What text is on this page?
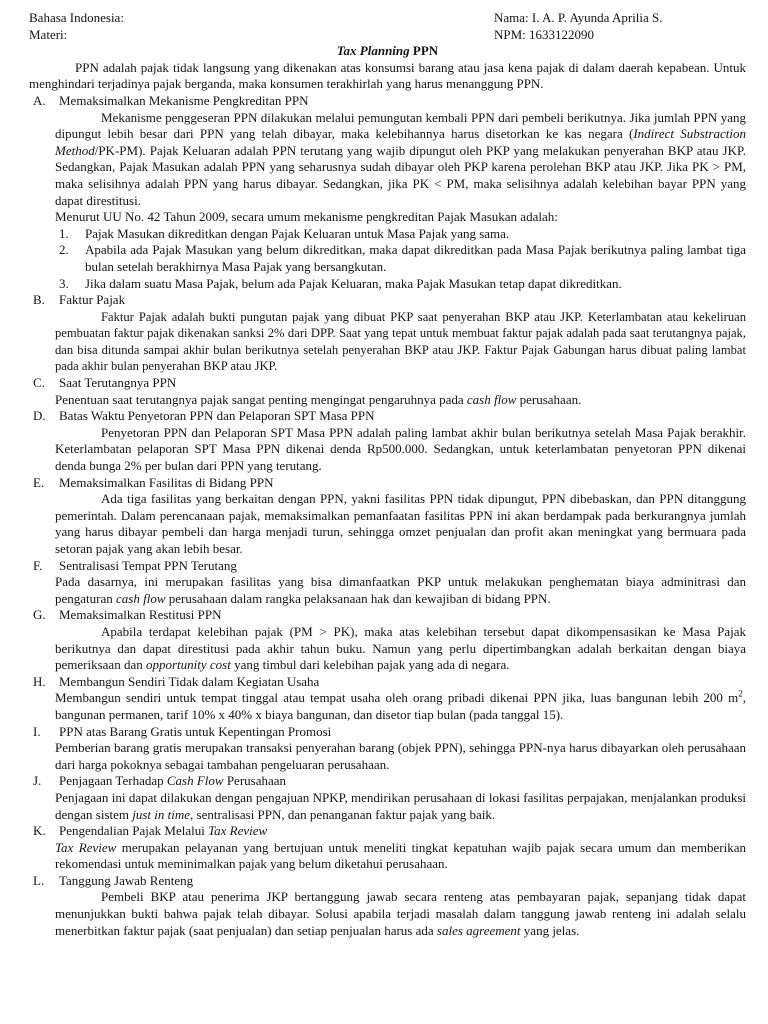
Bahasa Indonesia:	Nama: I. A. P. Ayunda Aprilia S.
Materi:	NPM: 1633122090
Tax Planning PPN

PPN adalah pajak tidak langsung yang dikenakan atas konsumsi barang atau jasa kena pajak di dalam daerah kepabean. Untuk menghindari terjadinya pajak berganda, maka konsumen terakhirlah yang harus menanggung PPN.

A.	Memaksimalkan Mekanisme Pengkreditan PPN

Mekanisme penggeseran PPN dilakukan melalui pemungutan kembali PPN dari pembeli berikutnya. Jika jumlah PPN yang dipungut lebih besar dari PPN yang telah dibayar, maka kelebihannya harus disetorkan ke kas negara (Indirect Substraction Method/PK-PM). Pajak Keluaran adalah PPN terutang yang wajib dipungut oleh PKP yang melakukan penyerahan BKP atau JKP. Sedangkan, Pajak Masukan adalah PPN yang seharusnya sudah dibayar oleh PKP karena perolehan BKP atau JKP. Jika PK > PM, maka selisihnya adalah PPN yang harus dibayar. Sedangkan, jika PK < PM, maka selisihnya adalah kelebihan bayar PPN yang dapat direstitusi.

Menurut UU No. 42 Tahun 2009, secara umum mekanisme pengkreditan Pajak Masukan adalah:

1.	Pajak Masukan dikreditkan dengan Pajak Keluaran untuk Masa Pajak yang sama.
2.	Apabila ada Pajak Masukan yang belum dikreditkan, maka dapat dikreditkan pada Masa Pajak berikutnya paling lambat tiga bulan setelah berakhirnya Masa Pajak yang bersangkutan.
3.	Jika dalam suatu Masa Pajak, belum ada Pajak Keluaran, maka Pajak Masukan tetap dapat dikreditkan.
B.	Faktur Pajak

Faktur Pajak adalah bukti pungutan pajak yang dibuat PKP saat penyerahan BKP atau JKP. Keterlambatan atau kekeliruan pembuatan faktur pajak dikenakan sanksi 2% dari DPP. Saat yang tepat untuk membuat faktur pajak adalah pada saat terutangnya pajak, dan bisa ditunda sampai akhir bulan berikutnya setelah penyerahan BKP atau JKP. Faktur Pajak Gabungan harus dibuat paling lambat pada akhir bulan penyerahan BKP atau JKP.

C.	Saat Terutangnya PPN

Penentuan saat terutangnya pajak sangat penting mengingat pengaruhnya pada cash flow perusahaan.

D.	Batas Waktu Penyetoran PPN dan Pelaporan SPT Masa PPN

Penyetoran PPN dan Pelaporan SPT Masa PPN adalah paling lambat akhir bulan berikutnya setelah Masa Pajak berakhir. Keterlambatan pelaporan SPT Masa PPN dikenai denda Rp500.000. Sedangkan, untuk keterlambatan penyetoran PPN dikenai denda bunga 2% per bulan dari PPN yang terutang.

E.	Memaksimalkan Fasilitas di Bidang PPN

Ada tiga fasilitas yang berkaitan dengan PPN, yakni fasilitas PPN tidak dipungut, PPN dibebaskan, dan PPN ditanggung pemerintah. Dalam perencanaan pajak, memaksimalkan pemanfaatan fasilitas PPN ini akan berdampak pada berkurangnya jumlah yang harus dibayar pembeli dan harga menjadi turun, sehingga omzet penjualan dan profit akan meningkat yang bermuara pada setoran pajak yang akan lebih besar.

F.	Sentralisasi Tempat PPN Terutang

Pada dasarnya, ini merupakan fasilitas yang bisa dimanfaatkan PKP untuk melakukan penghematan biaya adminitrasi dan pengaturan cash flow perusahaan dalam rangka pelaksanaan hak dan kewajiban di bidang PPN.

G.	Memaksimalkan Restitusi PPN

Apabila terdapat kelebihan pajak (PM > PK), maka atas kelebihan tersebut dapat dikompensasikan ke Masa Pajak berikutnya dan dapat direstitusi pada akhir tahun buku. Namun yang perlu dipertimbangkan adalah berkaitan dengan biaya pemeriksaan dan opportunity cost yang timbul dari kelebihan pajak yang ada di negara.

H.	Membangun Sendiri Tidak dalam Kegiatan Usaha

Membangun sendiri untuk tempat tinggal atau tempat usaha oleh orang pribadi dikenai PPN jika, luas bangunan lebih 200 $m^2$, bangunan permanen, tarif 10% x 40% x biaya bangunan, dan disetor tiap bulan (pada tanggal 15).

I.	PPN atas Barang Gratis untuk Kepentingan Promosi

Pemberian barang gratis merupakan transaksi penyerahan barang (objek PPN), sehingga PPN-nya harus dibayarkan oleh perusahaan dari harga pokoknya sebagai tambahan pengeluaran perusahaan.

J.	Penjagaan Terhadap Cash Flow Perusahaan

Penjagaan ini dapat dilakukan dengan pengajuan NPKP, mendirikan perusahaan di lokasi fasilitas perpajakan, menjalankan produksi dengan sistem just in time, sentralisasi PPN, dan penanganan faktur pajak yang baik.

K.	Pengendalian Pajak Melalui Tax Review

Tax Review merupakan pelayanan yang bertujuan untuk meneliti tingkat kepatuhan wajib pajak secara umum dan memberikan rekomendasi untuk meminimalkan pajak yang belum diketahui perusahaan.

L.	Tanggung Jawab Renteng

Pembeli BKP atau penerima JKP bertanggung jawab secara renteng atas pembayaran pajak, sepanjang tidak dapat menunjukkan bukti bahwa pajak telah dibayar. Solusi apabila terjadi masalah dalam tanggung jawab renteng ini adalah selalu menerbitkan faktur pajak (saat penjualan) dan setiap penjualan harus ada sales agreement yang jelas.
